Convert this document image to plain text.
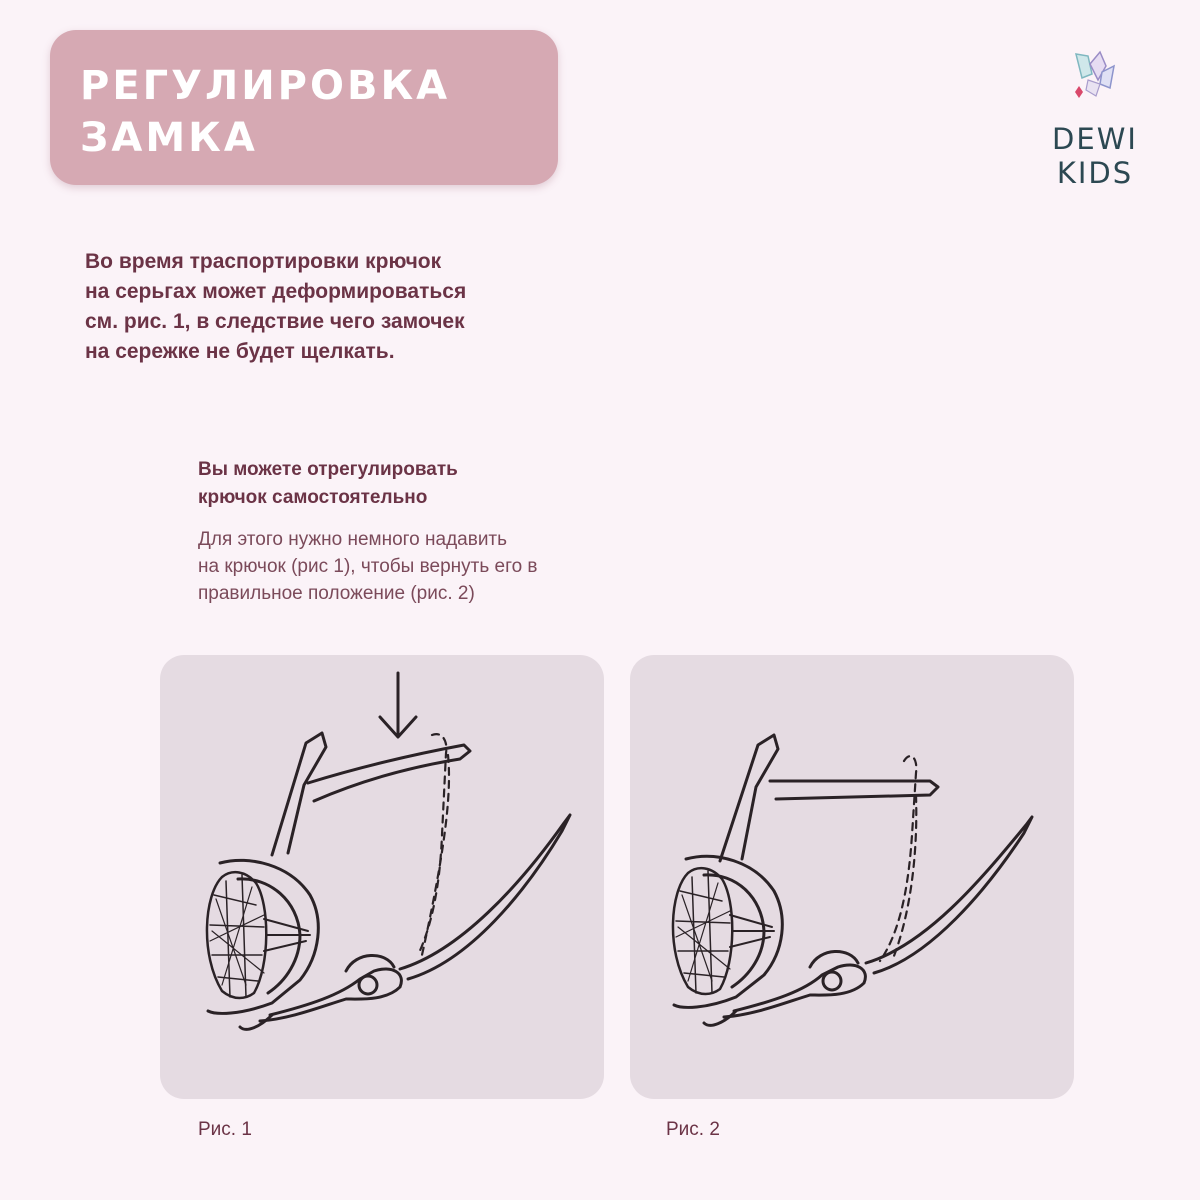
РЕГУЛИРОВКА
ЗАМКА	DEWI KIDS

Во время траспортировки крючок
на серьгах может деформироваться
см. рис. 1, в следствие чего замочек
на сережке не будет щелкать.

Вы можете отрегулировать
крючок самостоятельно

Для этого нужно немного надавить
на крючок (рис 1), чтобы вернуть его в
правильное положение (рис. 2)

Рис. 1	Рис. 2
